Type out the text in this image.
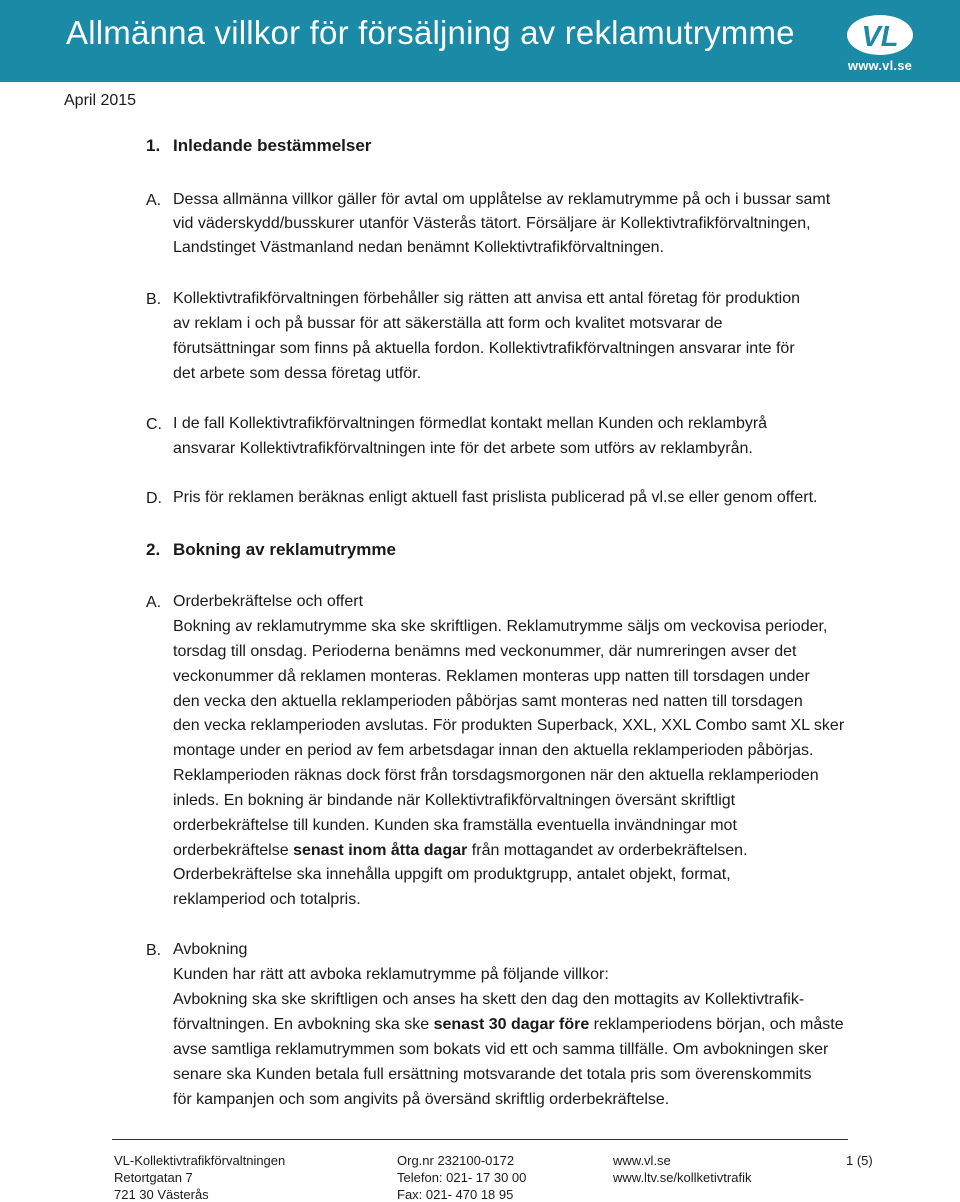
Allmänna villkor för försäljning av reklamutrymme VL
www.vl.se
April 2015
1. Inledande bestämmelser
A. Dessa allmänna villkor gäller för avtal om upplåtelse av reklamutrymme på och i bussar samt
vid väderskydd/busskurer utanför Västerås tätort. Försäljare är Kollektivtrafikförvaltningen,
Landstinget Västmanland nedan benämnt Kollektivtrafikförvaltningen.
B. Kollektivtrafikförvaltningen förbehåller sig rätten att anvisa ett antal företag för produktion
av reklam i och på bussar för att säkerställa att form och kvalitet motsvarar de
förutsättningar som finns på aktuella fordon. Kollektivtrafikförvaltningen ansvarar inte för
det arbete som dessa företag utför.
C. I de fall Kollektivtrafikförvaltningen förmedlat kontakt mellan Kunden och reklambyrå
ansvarar Kollektivtrafikförvaltningen inte för det arbete som utförs av reklambyrån.
D. Pris för reklamen beräknas enligt aktuell fast prislista publicerad på vl.se eller genom offert.
2. Bokning av reklamutrymme
A. Orderbekräftelse och offert
Bokning av reklamutrymme ska ske skriftligen. Reklamutrymme säljs om veckovisa perioder,
torsdag till onsdag. Perioderna benämns med veckonummer, där numreringen avser det
veckonummer då reklamen monteras. Reklamen monteras upp natten till torsdagen under
den vecka den aktuella reklamperioden påbörjas samt monteras ned natten till torsdagen
den vecka reklamperioden avslutas. För produkten Superback, XXL, XXL Combo samt XL sker
montage under en period av fem arbetsdagar innan den aktuella reklamperioden påbörjas.
Reklamperioden räknas dock först från torsdagsmorgonen när den aktuella reklamperioden
inleds. En bokning är bindande när Kollektivtrafikförvaltningen översänt skriftligt
orderbekräftelse till kunden. Kunden ska framställa eventuella invändningar mot
orderbekräftelse senast inom åtta dagar från mottagandet av orderbekräftelsen.
Orderbekräftelse ska innehålla uppgift om produktgrupp, antalet objekt, format,
reklamperiod och totalpris.
B. Avbokning
Kunden har rätt att avboka reklamutrymme på följande villkor:
Avbokning ska ske skriftligen och anses ha skett den dag den mottagits av Kollektivtrafik-
förvaltningen. En avbokning ska ske senast 30 dagar före reklamperiodens början, och måste
avse samtliga reklamutrymmen som bokats vid ett och samma tillfälle. Om avbokningen sker
senare ska Kunden betala full ersättning motsvarande det totala pris som överenskommits
för kampanjen och som angivits på översänd skriftlig orderbekräftelse.
VL-Kollektivtrafikförvaltningen
Retortgatan 7
721 30 Västerås
Org.nr 232100-0172
Telefon: 021- 17 30 00
Fax: 021- 470 18 95
www.vl.se
www.ltv.se/kollketivtrafik
1 (5)
